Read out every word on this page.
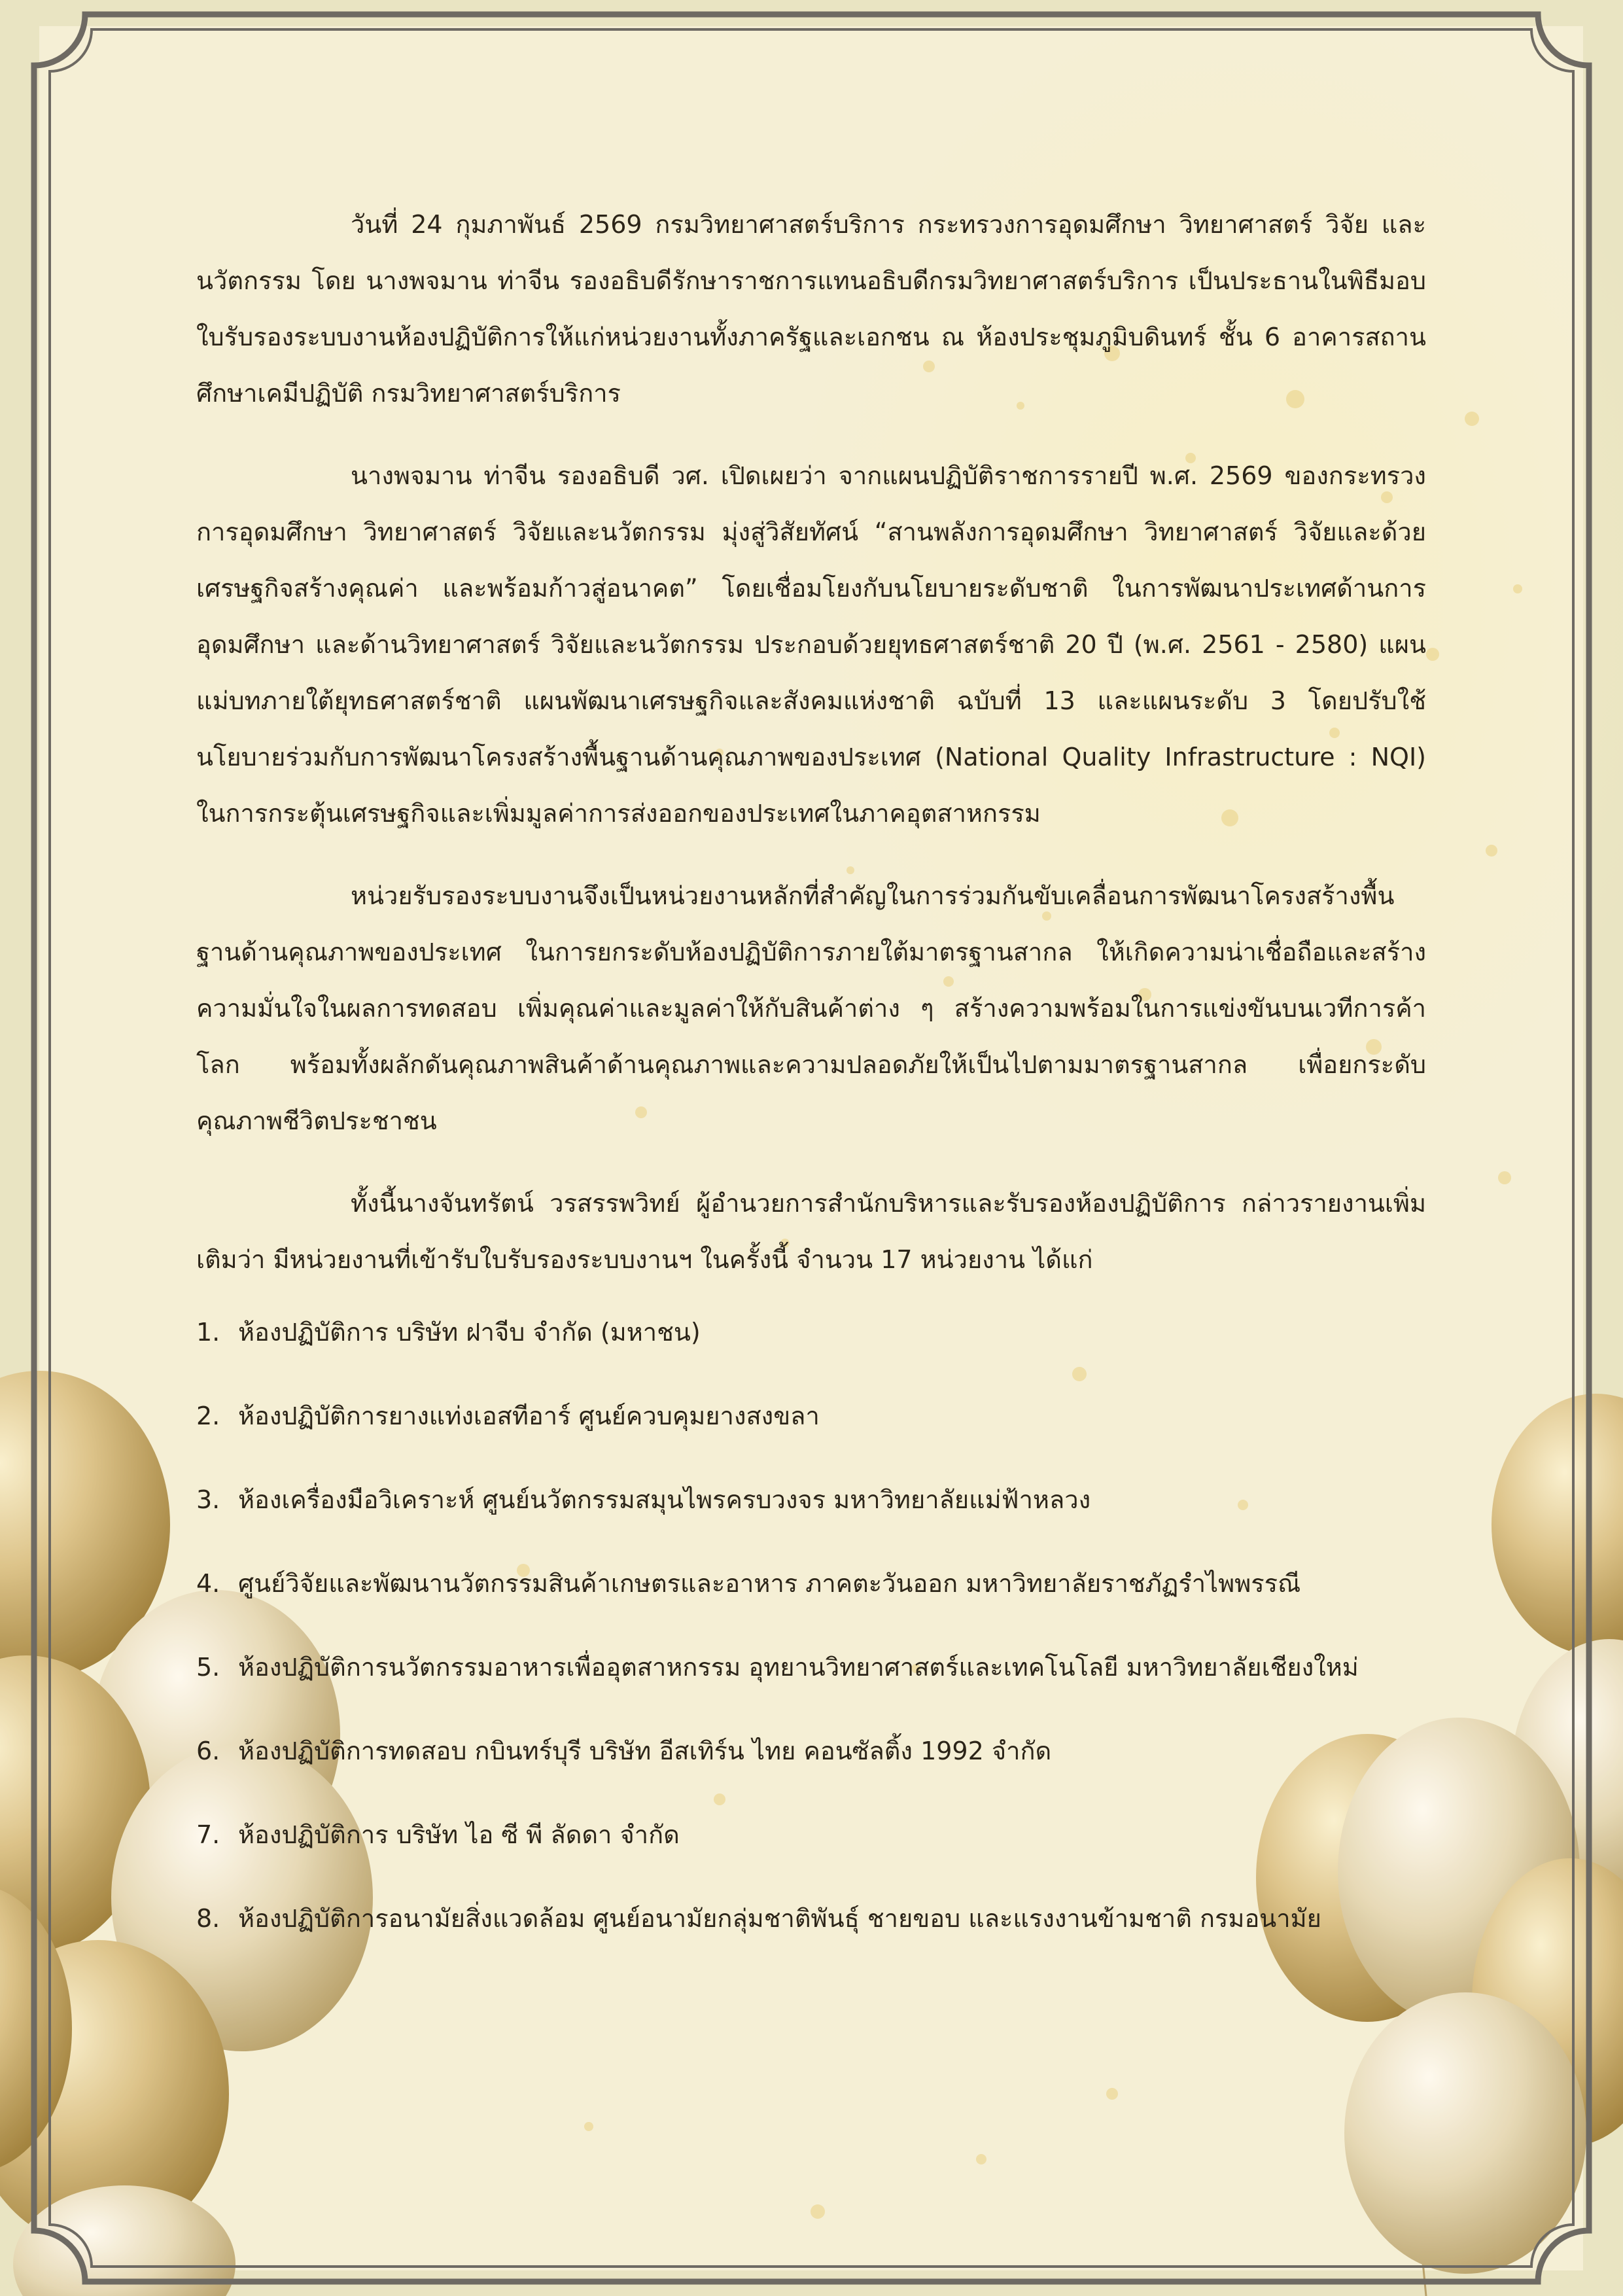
วันที่ 24 กุมภาพันธ์ 2569 กรมวิทยาศาสตร์บริการ กระทรวงการอุดมศึกษา วิทยาศาสตร์ วิจัย และนวัตกรรม โดย นางพจมาน ท่าจีน รองอธิบดีรักษาราชการแทนอธิบดีกรมวิทยาศาสตร์บริการ เป็นประธานในพิธีมอบใบรับรองระบบงานห้องปฏิบัติการให้แก่หน่วยงานทั้งภาครัฐและเอกชน ณ ห้องประชุมภูมิบดินทร์ ชั้น 6 อาคารสถานศึกษาเคมีปฏิบัติ กรมวิทยาศาสตร์บริการ

นางพจมาน ท่าจีน รองอธิบดี วศ. เปิดเผยว่า จากแผนปฏิบัติราชการรายปี พ.ศ. 2569 ของกระทรวงการอุดมศึกษา วิทยาศาสตร์ วิจัยและนวัตกรรม มุ่งสู่วิสัยทัศน์ “สานพลังการอุดมศึกษา วิทยาศาสตร์ วิจัยและด้วยเศรษฐกิจสร้างคุณค่า และพร้อมก้าวสู่อนาคต” โดยเชื่อมโยงกับนโยบายระดับชาติ ในการพัฒนาประเทศด้านการอุดมศึกษา และด้านวิทยาศาสตร์ วิจัยและนวัตกรรม ประกอบด้วยยุทธศาสตร์ชาติ 20 ปี (พ.ศ. 2561 - 2580) แผนแม่บทภายใต้ยุทธศาสตร์ชาติ แผนพัฒนาเศรษฐกิจและสังคมแห่งชาติ ฉบับที่ 13 และแผนระดับ 3 โดยปรับใช้นโยบายร่วมกับการพัฒนาโครงสร้างพื้นฐานด้านคุณภาพของประเทศ (National Quality Infrastructure : NQI) ในการกระตุ้นเศรษฐกิจและเพิ่มมูลค่าการส่งออกของประเทศในภาคอุตสาหกรรม

หน่วยรับรองระบบงานจึงเป็นหน่วยงานหลักที่สำคัญในการร่วมกันขับเคลื่อนการพัฒนาโครงสร้างพื้นฐานด้านคุณภาพของประเทศ ในการยกระดับห้องปฏิบัติการภายใต้มาตรฐานสากล ให้เกิดความน่าเชื่อถือและสร้างความมั่นใจในผลการทดสอบ เพิ่มคุณค่าและมูลค่าให้กับสินค้าต่าง ๆ สร้างความพร้อมในการแข่งขันบนเวทีการค้าโลก พร้อมทั้งผลักดันคุณภาพสินค้าด้านคุณภาพและความปลอดภัยให้เป็นไปตามมาตรฐานสากล เพื่อยกระดับคุณภาพชีวิตประชาชน

ทั้งนี้นางจันทรัตน์ วรสรรพวิทย์ ผู้อำนวยการสำนักบริหารและรับรองห้องปฏิบัติการ กล่าวรายงานเพิ่มเติมว่า มีหน่วยงานที่เข้ารับใบรับรองระบบงานฯ ในครั้งนี้ จำนวน 17 หน่วยงาน ได้แก่

1. ห้องปฏิบัติการ บริษัท ฝาจีบ จำกัด (มหาชน)
2. ห้องปฏิบัติการยางแท่งเอสทีอาร์ ศูนย์ควบคุมยางสงขลา
3. ห้องเครื่องมือวิเคราะห์ ศูนย์นวัตกรรมสมุนไพรครบวงจร มหาวิทยาลัยแม่ฟ้าหลวง
4. ศูนย์วิจัยและพัฒนานวัตกรรมสินค้าเกษตรและอาหาร ภาคตะวันออก มหาวิทยาลัยราชภัฏรำไพพรรณี
5. ห้องปฏิบัติการนวัตกรรมอาหารเพื่ออุตสาหกรรม อุทยานวิทยาศาสตร์และเทคโนโลยี มหาวิทยาลัยเชียงใหม่
6. ห้องปฏิบัติการทดสอบ กบินทร์บุรี บริษัท อีสเทิร์น ไทย คอนซัลติ้ง 1992 จำกัด
7. ห้องปฏิบัติการ บริษัท ไอ ซี พี ลัดดา จำกัด
8. ห้องปฏิบัติการอนามัยสิ่งแวดล้อม ศูนย์อนามัยกลุ่มชาติพันธุ์ ชายขอบ และแรงงานข้ามชาติ กรมอนามัย
